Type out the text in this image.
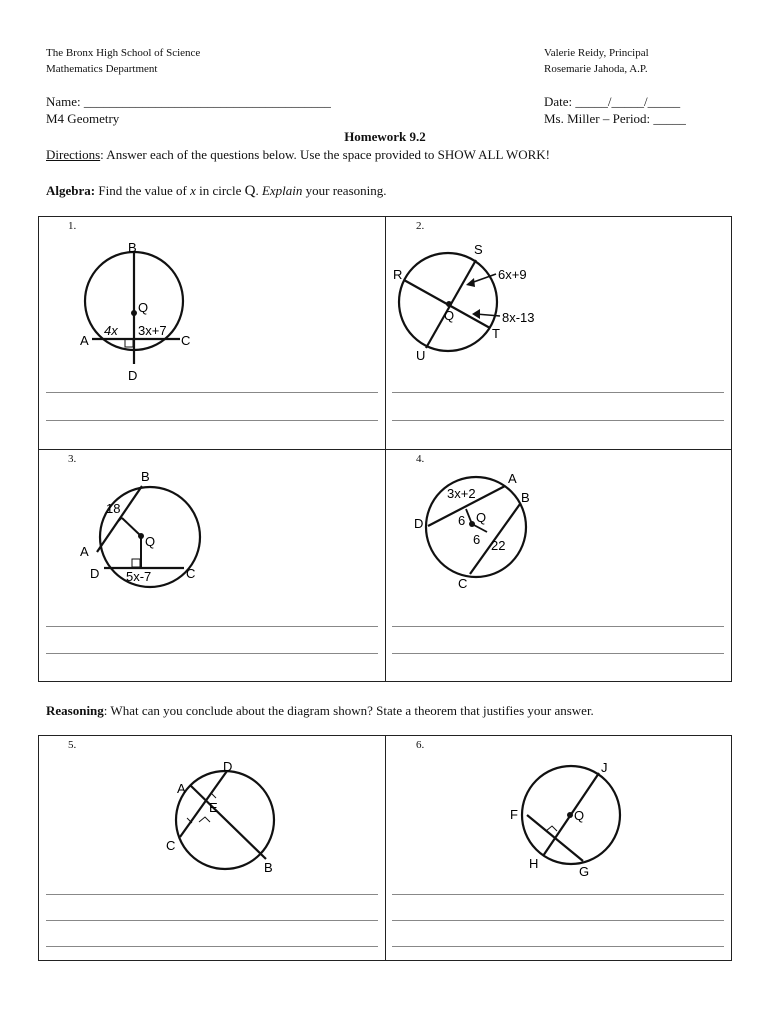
The Bronx High School of Science
Mathematics Department
Valerie Reidy, Principal
Rosemarie Jahoda, A.P.
Name: ______________________________________
M4 Geometry
Date: _____/_____/_____
Ms. Miller – Period: _____
Homework 9.2
Directions: Answer each of the questions below. Use the space provided to SHOW ALL WORK!
Algebra: Find the value of x in circle Q. Explain your reasoning.
1.
B
Q
A	C
D
4x 3x+7
2.
S
R
Q
T
U
6x+9
8x-13
3.
B
A
Q
D	C
18
5x-7
4.
3x+2
A
B
D	6 Q
6 22
C
Reasoning: What can you conclude about the diagram shown? State a theorem that justifies your answer.
5.
D
A
E
C
B
6.
J
F	Q
H
G
